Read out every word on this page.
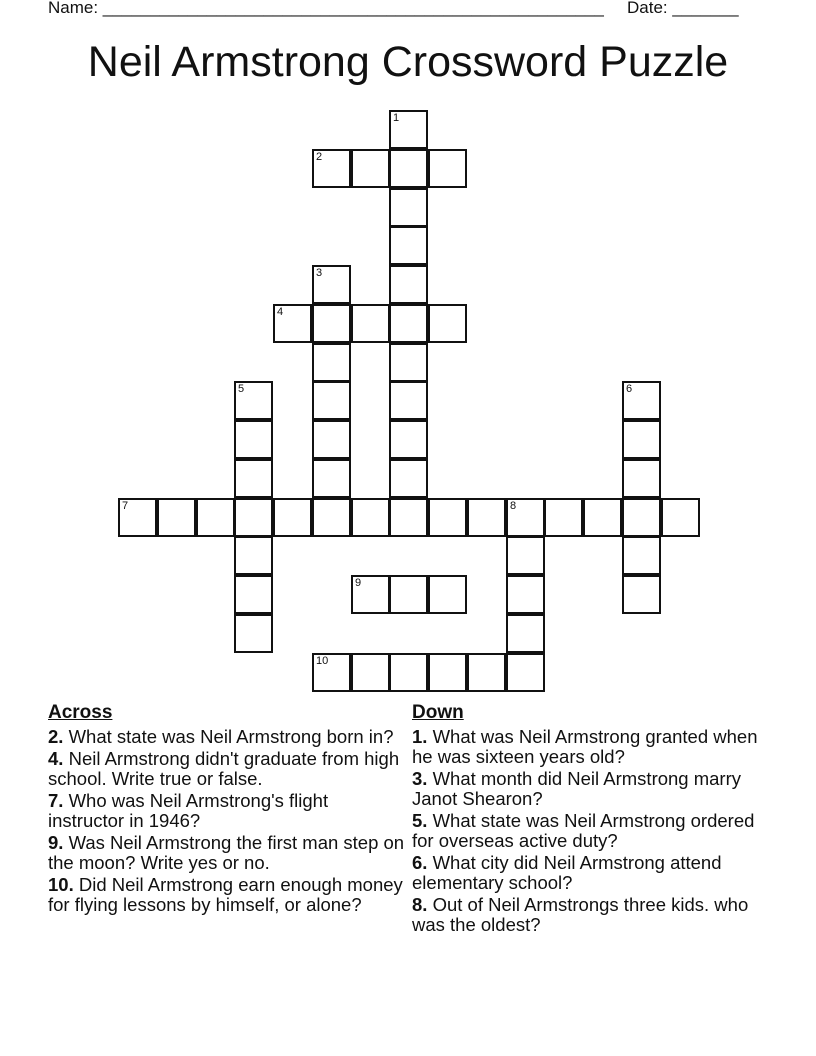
Name: _____________________________________________________ Date: _______
Neil Armstrong Crossword Puzzle
1
2
3
4
5	6
7	8
9
10
Across
2. What state was Neil Armstrong born in?
4. Neil Armstrong didn't graduate from high school. Write true or false.
7. Who was Neil Armstrong's flight instructor in 1946?
9. Was Neil Armstrong the first man step on the moon? Write yes or no.
10. Did Neil Armstrong earn enough money for flying lessons by himself, or alone?
Down
1. What was Neil Armstrong granted when he was sixteen years old?
3. What month did Neil Armstrong marry Janot Shearon?
5. What state was Neil Armstrong ordered for overseas active duty?
6. What city did Neil Armstrong attend elementary school?
8. Out of Neil Armstrongs three kids. who was the oldest?
